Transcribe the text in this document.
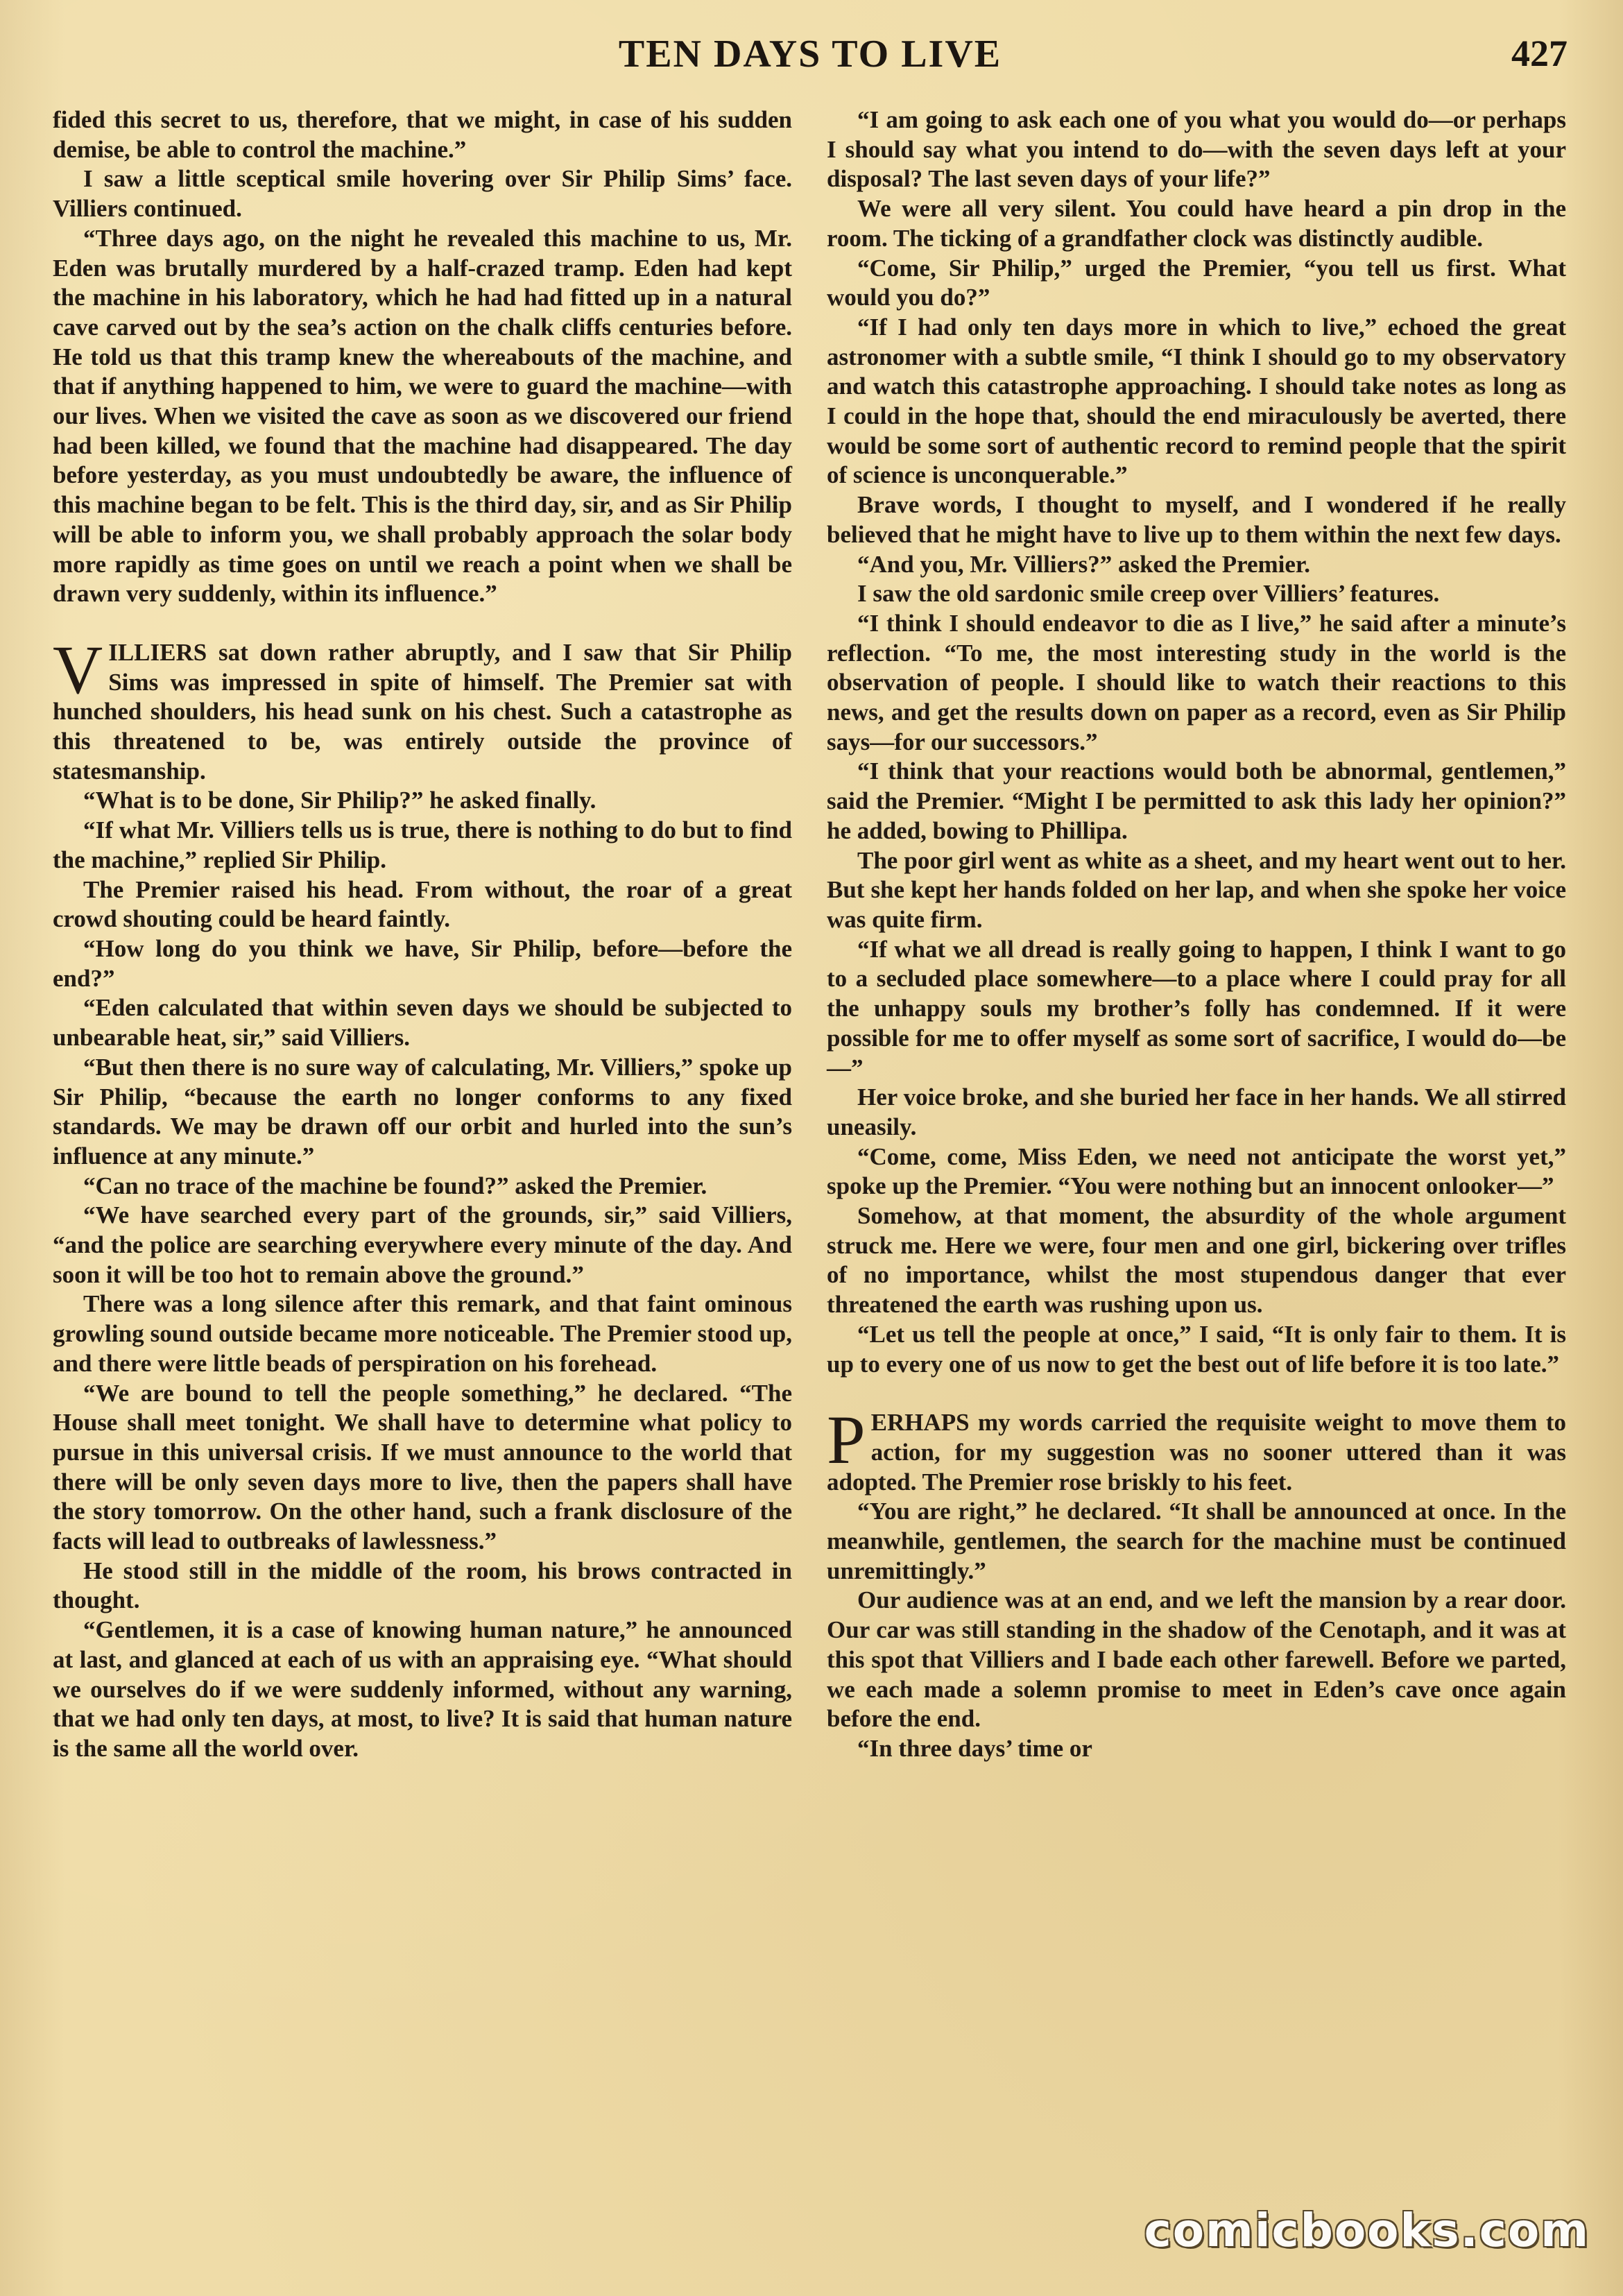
TEN DAYS TO LIVE	427

fided this secret to us, therefore, that we might, in case of his sudden demise, be able to control the machine.”

I saw a little sceptical smile hovering over Sir Philip Sims’ face. Villiers continued.

“Three days ago, on the night he revealed this machine to us, Mr. Eden was brutally murdered by a half-crazed tramp. Eden had kept the machine in his laboratory, which he had had fitted up in a natural cave carved out by the sea’s action on the chalk cliffs centuries before. He told us that this tramp knew the whereabouts of the machine, and that if anything happened to him, we were to guard the machine—with our lives. When we visited the cave as soon as we discovered our friend had been killed, we found that the machine had disappeared. The day before yesterday, as you must undoubtedly be aware, the influence of this machine began to be felt. This is the third day, sir, and as Sir Philip will be able to inform you, we shall probably approach the solar body more rapidly as time goes on until we reach a point when we shall be drawn very suddenly, within its influence.”

VILLIERS sat down rather abruptly, and I saw that Sir Philip Sims was impressed in spite of himself. The Premier sat with hunched shoulders, his head sunk on his chest. Such a catastrophe as this threatened to be, was entirely outside the province of statesmanship.

“What is to be done, Sir Philip?” he asked finally.

“If what Mr. Villiers tells us is true, there is nothing to do but to find the machine,” replied Sir Philip.

The Premier raised his head. From without, the roar of a great crowd shouting could be heard faintly.

“How long do you think we have, Sir Philip, before—before the end?”

“Eden calculated that within seven days we should be subjected to unbearable heat, sir,” said Villiers.

“But then there is no sure way of calculating, Mr. Villiers,” spoke up Sir Philip, “because the earth no longer conforms to any fixed standards. We may be drawn off our orbit and hurled into the sun’s influence at any minute.”

“Can no trace of the machine be found?” asked the Premier.

“We have searched every part of the grounds, sir,” said Villiers, “and the police are searching everywhere every minute of the day. And soon it will be too hot to remain above the ground.”

There was a long silence after this remark, and that faint ominous growling sound outside became more noticeable. The Premier stood up, and there were little beads of perspiration on his forehead.

“We are bound to tell the people something,” he declared. “The House shall meet tonight. We shall have to determine what policy to pursue in this universal crisis. If we must announce to the world that there will be only seven days more to live, then the papers shall have the story tomorrow. On the other hand, such a frank disclosure of the facts will lead to outbreaks of lawlessness.”

He stood still in the middle of the room, his brows contracted in thought.

“Gentlemen, it is a case of knowing human nature,” he announced at last, and glanced at each of us with an appraising eye. “What should we ourselves do if we were suddenly informed, without any warning, that we had only ten days, at most, to live? It is said that human nature is the same all the world over.

“I am going to ask each one of you what you would do—or perhaps I should say what you intend to do—with the seven days left at your disposal? The last seven days of your life?”

We were all very silent. You could have heard a pin drop in the room. The ticking of a grandfather clock was distinctly audible.

“Come, Sir Philip,” urged the Premier, “you tell us first. What would you do?”

“If I had only ten days more in which to live,” echoed the great astronomer with a subtle smile, “I think I should go to my observatory and watch this catastrophe approaching. I should take notes as long as I could in the hope that, should the end miraculously be averted, there would be some sort of authentic record to remind people that the spirit of science is unconquerable.”

Brave words, I thought to myself, and I wondered if he really believed that he might have to live up to them within the next few days.

“And you, Mr. Villiers?” asked the Premier.

I saw the old sardonic smile creep over Villiers’ features.

“I think I should endeavor to die as I live,” he said after a minute’s reflection. “To me, the most interesting study in the world is the observation of people. I should like to watch their reactions to this news, and get the results down on paper as a record, even as Sir Philip says—for our successors.”

“I think that your reactions would both be abnormal, gentlemen,” said the Premier. “Might I be permitted to ask this lady her opinion?” he added, bowing to Phillipa.

The poor girl went as white as a sheet, and my heart went out to her. But she kept her hands folded on her lap, and when she spoke her voice was quite firm.

“If what we all dread is really going to happen, I think I want to go to a secluded place somewhere—to a place where I could pray for all the unhappy souls my brother’s folly has condemned. If it were possible for me to offer myself as some sort of sacrifice, I would do—be—”

Her voice broke, and she buried her face in her hands. We all stirred uneasily.

“Come, come, Miss Eden, we need not anticipate the worst yet,” spoke up the Premier. “You were nothing but an innocent onlooker—”

Somehow, at that moment, the absurdity of the whole argument struck me. Here we were, four men and one girl, bickering over trifles of no importance, whilst the most stupendous danger that ever threatened the earth was rushing upon us.

“Let us tell the people at once,” I said, “It is only fair to them. It is up to every one of us now to get the best out of life before it is too late.”

PERHAPS my words carried the requisite weight to move them to action, for my suggestion was no sooner uttered than it was adopted. The Premier rose briskly to his feet.

“You are right,” he declared. “It shall be announced at once. In the meanwhile, gentlemen, the search for the machine must be continued unremittingly.”

Our audience was at an end, and we left the mansion by a rear door. Our car was still standing in the shadow of the Cenotaph, and it was at this spot that Villiers and I bade each other farewell. Before we parted, we each made a solemn promise to meet in Eden’s cave once again before the end.

“In three days’ time or

comicbooks.com
